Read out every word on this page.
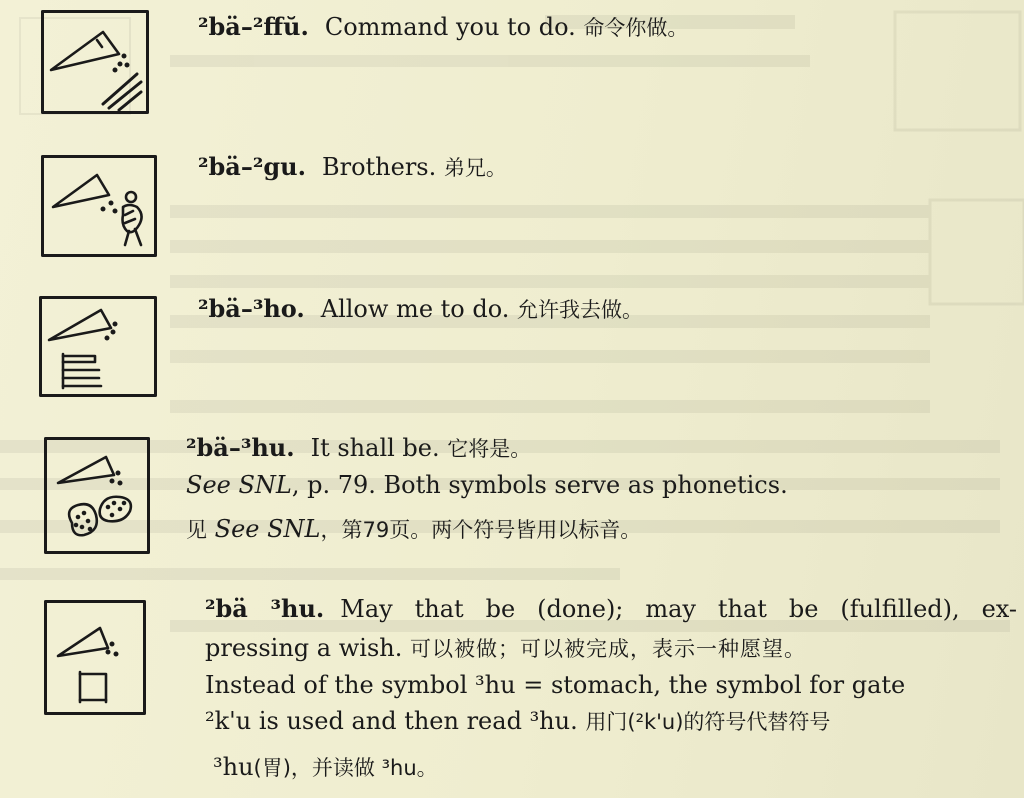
²bä–²ffŭ. Command you to do. 命令你做。
²bä–²gu. Brothers. 弟兄。
²bä–³ho. Allow me to do. 允许我去做。
²bä–³hu. It shall be. 它将是。
See SNL, p. 79. Both symbols serve as phonetics.
见 See SNL，第79页。两个符号皆用以标音。
²bä ³hu. May that be (done); may that be (fulfilled), ex-
pressing a wish. 可以被做；可以被完成，表示一种愿望。
Instead of the symbol ³hu = stomach, the symbol for gate
²k'u is used and then read ³hu. 用门(²k'u)的符号代替符号
³hu(胃)，并读做 ³hu。
